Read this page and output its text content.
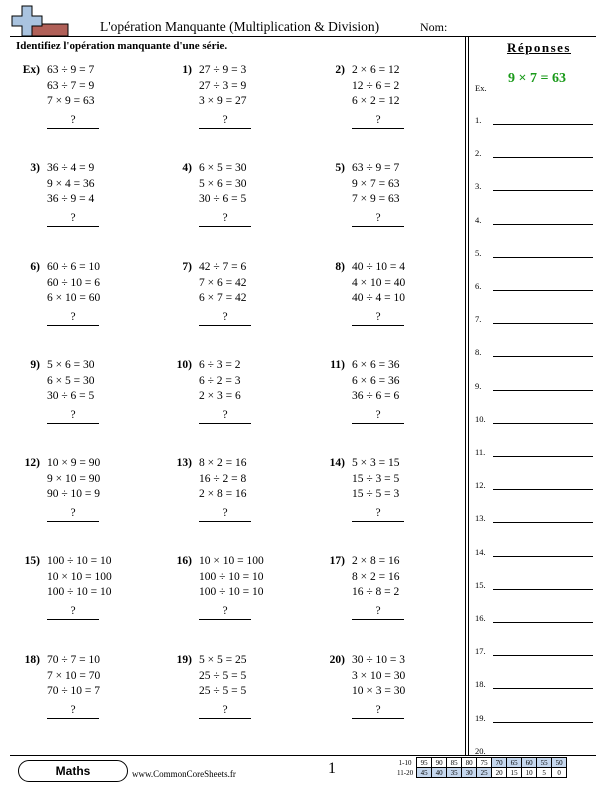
L'opération Manquante (Multiplication & Division)	Nom:
Identifiez l'opération manquante d'une série.
Ex) 63 ÷ 9 = 7
63 ÷ 7 = 9
7 × 9 = 63
?
1) 27 ÷ 9 = 3
27 ÷ 3 = 9
3 × 9 = 27
?
2) 2 × 6 = 12
12 ÷ 6 = 2
6 × 2 = 12
?
3) 36 ÷ 4 = 9
9 × 4 = 36
36 ÷ 9 = 4
?
4) 6 × 5 = 30
5 × 6 = 30
30 ÷ 6 = 5
?
5) 63 ÷ 9 = 7
9 × 7 = 63
7 × 9 = 63
?
6) 60 ÷ 6 = 10
60 ÷ 10 = 6
6 × 10 = 60
?
7) 42 ÷ 7 = 6
7 × 6 = 42
6 × 7 = 42
?
8) 40 ÷ 10 = 4
4 × 10 = 40
40 ÷ 4 = 10
?
9) 5 × 6 = 30
6 × 5 = 30
30 ÷ 6 = 5
?
10) 6 ÷ 3 = 2
6 ÷ 2 = 3
2 × 3 = 6
?
11) 6 × 6 = 36
6 × 6 = 36
36 ÷ 6 = 6
?
12) 10 × 9 = 90
9 × 10 = 90
90 ÷ 10 = 9
?
13) 8 × 2 = 16
16 ÷ 2 = 8
2 × 8 = 16
?
14) 5 × 3 = 15
15 ÷ 3 = 5
15 ÷ 5 = 3
?
15) 100 ÷ 10 = 10
10 × 10 = 100
100 ÷ 10 = 10
?
16) 10 × 10 = 100
100 ÷ 10 = 10
100 ÷ 10 = 10
?
17) 2 × 8 = 16
8 × 2 = 16
16 ÷ 8 = 2
?
18) 70 ÷ 7 = 10
7 × 10 = 70
70 ÷ 10 = 7
?
19) 5 × 5 = 25
25 ÷ 5 = 5
25 ÷ 5 = 5
?
20) 30 ÷ 10 = 3
3 × 10 = 30
10 × 3 = 30
?
Réponses
Ex.
9 × 7 = 63
1.
2.
3.
4.
5.
6.
7.
8.
9.
10.
11.
12.
13.
14.
15.
16.
17.
18.
19.
20.
Maths	www.CommonCoreSheets.fr	1	1-10	95	90	85	80	75	70	65	60	55	50
11-20	45	40	35	30	25	20	15	10	5	0
